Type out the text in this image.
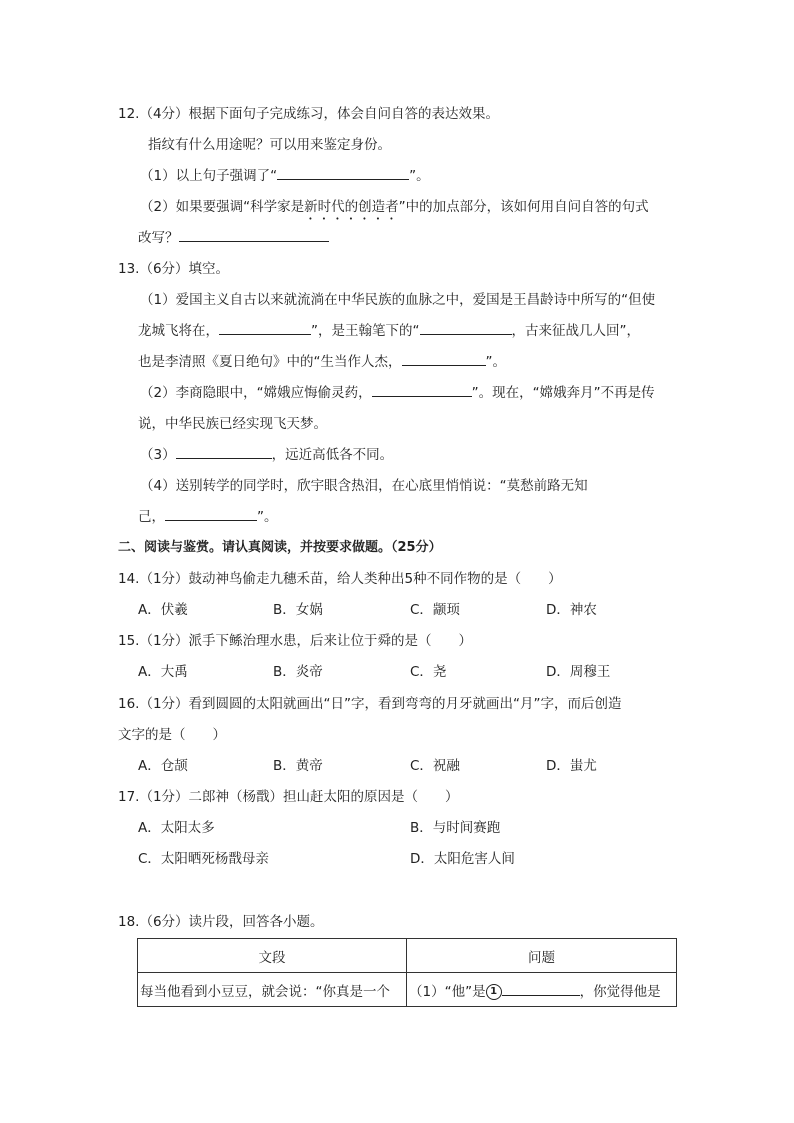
12.（4分）根据下面句子完成练习，体会自问自答的表达效果。
指纹有什么用途呢？可以用来鉴定身份。
（1）以上句子强调了“	”。
（2）如果要强调“科学家是新时代的创造者”中的加点部分，该如何用自问自答的句式
改写？
13.（6分）填空。
（1）爱国主义自古以来就流淌在中华民族的血脉之中，爱国是王昌龄诗中所写的“但使
龙城飞将在，	”，是王翰笔下的“	，古来征战几人回”，
也是李清照《夏日绝句》中的“生当作人杰，	”。
（2）李商隐眼中，“嫦娥应悔偷灵药，	”。现在，“嫦娥奔月”不再是传
说，中华民族已经实现飞天梦。
（3）	，远近高低各不同。
（4）送别转学的同学时，欣宇眼含热泪，在心底里悄悄说：“莫愁前路无知
己，	”。
二、阅读与鉴赏。请认真阅读，并按要求做题。（25分）
14.（1分）鼓动神鸟偷走九穗禾苗，给人类种出5种不同作物的是（　　）
A．伏羲	B．女娲	C．颛顼	D．神农
15.（1分）派手下鲧治理水患，后来让位于舜的是（　　）
A．大禹	B．炎帝	C．尧	D．周穆王
16.（1分）看到圆圆的太阳就画出“日”字，看到弯弯的月牙就画出“月”字，而后创造
文字的是（　　）
A．仓颉	B．黄帝	C．祝融	D．蚩尤
17.（1分）二郎神（杨戬）担山赶太阳的原因是（　　）
A．太阳太多	B．与时间赛跑
C．太阳晒死杨戬母亲	D．太阳危害人间
18.（6分）读片段，回答各小题。
文段	问题
每当他看到小豆豆，就会说：“你真是一个	（1）“他”是 1 ，你觉得他是
